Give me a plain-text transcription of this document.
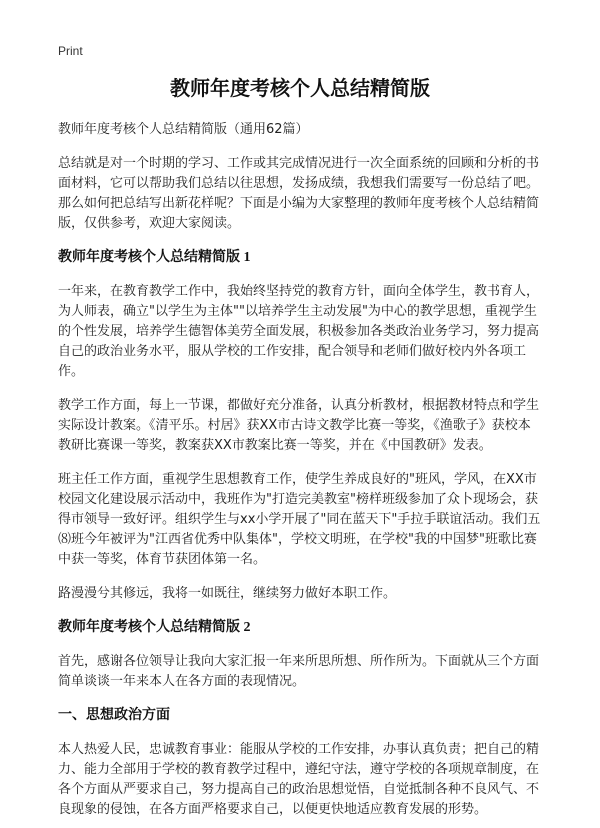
Print
教师年度考核个人总结精简版

教师年度考核个人总结精简版（通用62篇）

总结就是对一个时期的学习、工作或其完成情况进行一次全面系统的回顾和分析的书面材料，它可以帮助我们总结以往思想，发扬成绩，我想我们需要写一份总结了吧。那么如何把总结写出新花样呢？下面是小编为大家整理的教师年度考核个人总结精简版，仅供参考，欢迎大家阅读。

教师年度考核个人总结精简版 1

一年来，在教育教学工作中，我始终坚持党的教育方针，面向全体学生，教书育人，为人师表，确立"以学生为主体""以培养学生主动发展"为中心的教学思想，重视学生的个性发展，培养学生德智体美劳全面发展，积极参加各类政治业务学习，努力提高自己的政治业务水平，服从学校的工作安排，配合领导和老师们做好校内外各项工作。

教学工作方面，每上一节课，都做好充分准备，认真分析教材，根据教材特点和学生实际设计教案。《清平乐。村居》获XX市古诗文教学比赛一等奖，《渔歌子》获校本教研比赛课一等奖，教案获XX市教案比赛一等奖，并在《中国教研》发表。

班主任工作方面，重视学生思想教育工作，使学生养成良好的"班风，学风，在XX市校园文化建设展示活动中，我班作为"打造完美教室"榜样班级参加了众卜现场会，获得市领导一致好评。组织学生与xx小学开展了"同在蓝天下"手拉手联谊活动。我们五⑻班今年被评为"江西省优秀中队集体"，学校文明班，在学校"我的中国梦"班歌比赛中获一等奖，体育节获团体第一名。

路漫漫兮其修远，我将一如既往，继续努力做好本职工作。

教师年度考核个人总结精简版 2

首先，感谢各位领导让我向大家汇报一年来所思所想、所作所为。下面就从三个方面简单谈谈一年来本人在各方面的表现情况。

一、思想政治方面

本人热爱人民，忠诚教育事业：能服从学校的工作安排，办事认真负责；把自己的精力、能力全部用于学校的教育教学过程中，遵纪守法，遵守学校的各项规章制度，在各个方面从严要求自己，努力提高自己的政治思想觉悟，自觉抵制各种不良风气、不良现象的侵蚀，在各方面严格要求自己，以便更快地适应教育发展的形势。
